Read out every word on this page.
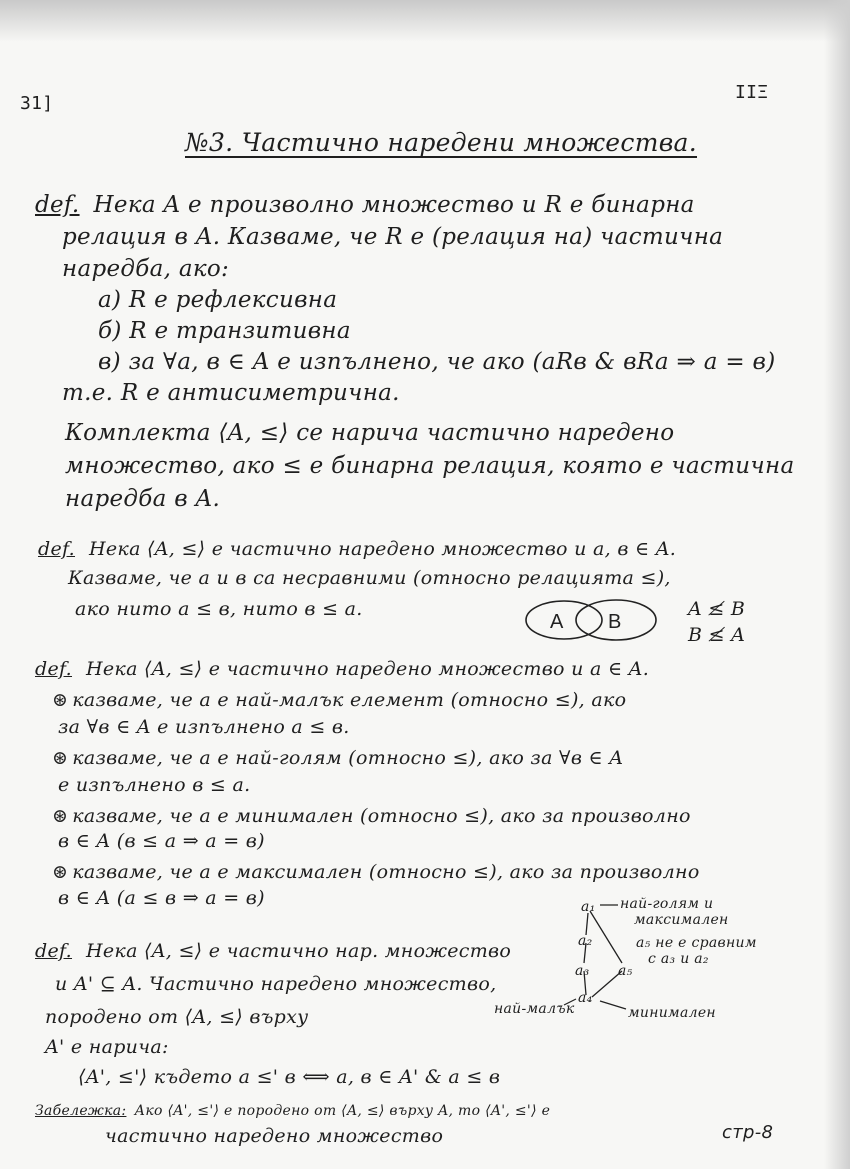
31]
IIΞ
№3. Частично наредени множества.
def. Нека A е произволно множество и R е бинарна
релация в A. Казваме, че R е (релация на) частична
наредба, ако:
a) R е рефлексивна
б) R е транзитивна
в) за ∀a, в ∈ A е изпълнено, че ако (aRв & вRa ⇒ a = в)
т.е. R е антисиметрична.
Комплекта ⟨A, ≤⟩ се нарича частично наредено
множество, ако ≤ е бинарна релация, която е частична
наредба в A.
def. Нека ⟨A, ≤⟩ е частично наредено множество и a, в ∈ A.
Казваме, че a и в са несравними (относно релацията ≤),
ако нито a ≤ в, нито в ≤ a.
A B
A ≰ B
B ≰ A
def. Нека ⟨A, ≤⟩ е частично наредено множество и a ∈ A.
⊛ казваме, че a е най-малък елемент (относно ≤), ако
за ∀в ∈ A е изпълнено a ≤ в.
⊛ казваме, че a е най-голям (относно ≤), ако за ∀в ∈ A
е изпълнено в ≤ a.
⊛ казваме, че a е минимален (относно ≤), ако за произволно
в ∈ A (в ≤ a ⇒ a = в)
⊛ казваме, че a е максимален (относно ≤), ако за произволно
в ∈ A (a ≤ в ⇒ a = в)	a₁ най-голям и
максимален
a₂	a₅ не е сравним
с a₃ и a₂
a₃ a₅
a₄
най-малък	минимален
def. Нека ⟨A, ≤⟩ е частично нар. множество
и A' ⊆ A. Частично наредено множество,
породено от ⟨A, ≤⟩ върху
A' е нарича:
⟨A', ≤'⟩ където a ≤' в ⟺ a, в ∈ A' & a ≤ в
Забележка: Ако ⟨A', ≤'⟩ е породено от ⟨A, ≤⟩ върху A, то ⟨A', ≤'⟩ е
частично наредено множество	стр-8
